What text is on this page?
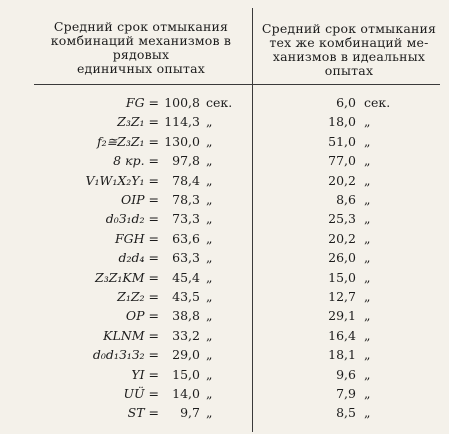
Средний срок отмыкания
комбинаций механизмов в рядовых
единичных опытах
Средний срок отмыкания
тех же комбинаций ме-
ханизмов в идеальных
опытах
FG = 100,8 сек.	6,0 сек.
Z₃Z₁ = 114,3 „	18,0 „
f₂≅Z₃Z₁ = 130,0 „	51,0 „
8 кр. =	97,8 „	77,0 „
V₁W₁X₂Y₁ =	78,4 „	20,2 „
OIP =	78,3 „	8,6 „
d₀З₁d₂ =	73,3 „	25,3 „
FGH =	63,6 „	20,2 „
d₂d₄ =	63,3 „	26,0 „
Z₃Z₁KM =	45,4 „	15,0 „
Z₁Z₂ =	43,5 „	12,7 „
OP =	38,8 „	29,1 „
KLNM =	33,2 „	16,4 „
d₀d₁З₁З₂ =	29,0 „	18,1 „
YI =	15,0 „	9,6 „
UÜ =	14,0 „	7,9 „
ST =	9,7 „	8,5 „
